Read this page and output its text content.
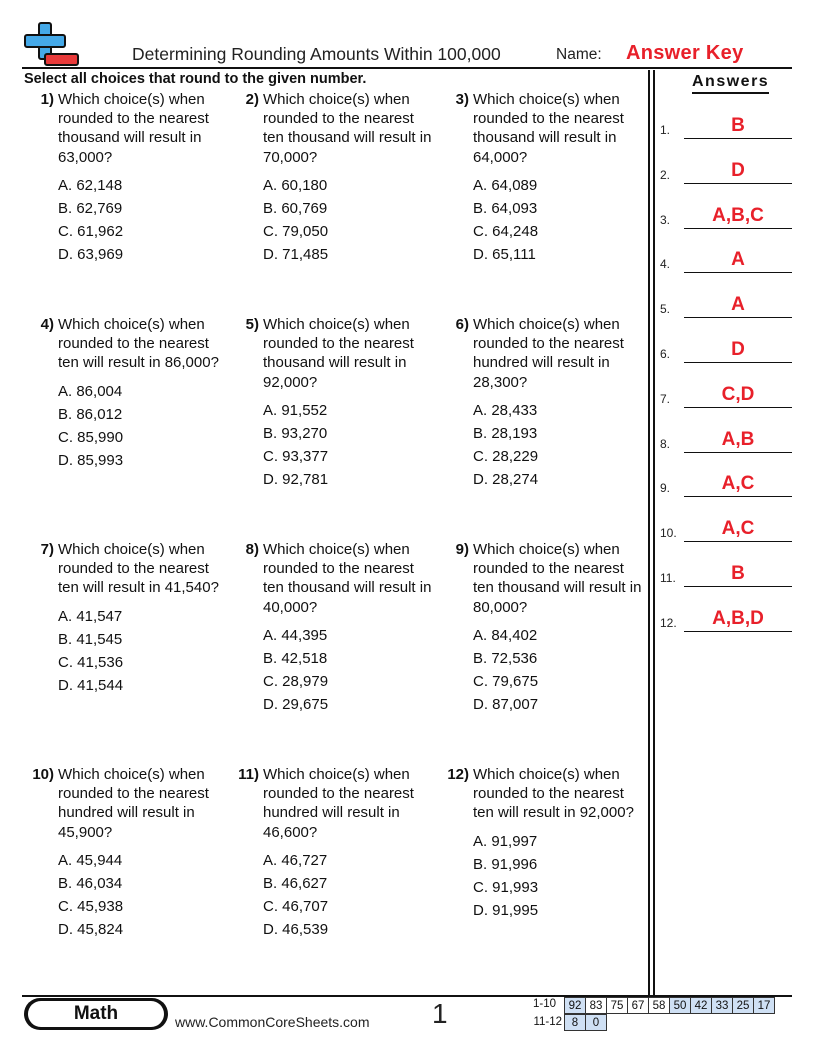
Determining Rounding Amounts Within 100,000	Name: Answer Key
Select all choices that round to the given number.
1) Which choice(s) when rounded to the nearest thousand will result in 63,000?

A. 62,148
B. 62,769
C. 61,962
D. 63,969
2) Which choice(s) when rounded to the nearest ten thousand will result in 70,000?

A. 60,180
B. 60,769
C. 79,050
D. 71,485
3) Which choice(s) when rounded to the nearest thousand will result in 64,000?

A. 64,089
B. 64,093
C. 64,248
D. 65,111
4) Which choice(s) when rounded to the nearest ten will result in 86,000?

A. 86,004
B. 86,012
C. 85,990
D. 85,993
5) Which choice(s) when rounded to the nearest thousand will result in 92,000?

A. 91,552
B. 93,270
C. 93,377
D. 92,781
6) Which choice(s) when rounded to the nearest hundred will result in 28,300?

A. 28,433
B. 28,193
C. 28,229
D. 28,274
7) Which choice(s) when rounded to the nearest ten will result in 41,540?

A. 41,547
B. 41,545
C. 41,536
D. 41,544
8) Which choice(s) when rounded to the nearest ten thousand will result in 40,000?

A. 44,395
B. 42,518
C. 28,979
D. 29,675
9) Which choice(s) when rounded to the nearest ten thousand will result in 80,000?

A. 84,402
B. 72,536
C. 79,675
D. 87,007
10) Which choice(s) when rounded to the nearest hundred will result in 45,900?

A. 45,944
B. 46,034
C. 45,938
D. 45,824
11) Which choice(s) when rounded to the nearest hundred will result in 46,600?

A. 46,727
B. 46,627
C. 46,707
D. 46,539
12) Which choice(s) when rounded to the nearest ten will result in 92,000?

A. 91,997
B. 91,996
C. 91,993
D. 91,995
Answers
1.	B
2.	D
3.	A,B,C
4.	A
5.	A
6.	D
7.	C,D
8.	A,B
9.	A,C
10.	A,C
11.	B
12.	A,B,D
Math	www.CommonCoreSheets.com 1	1-10 92	83	75	67	58	50	42	33	25	17
11-12 8	0
